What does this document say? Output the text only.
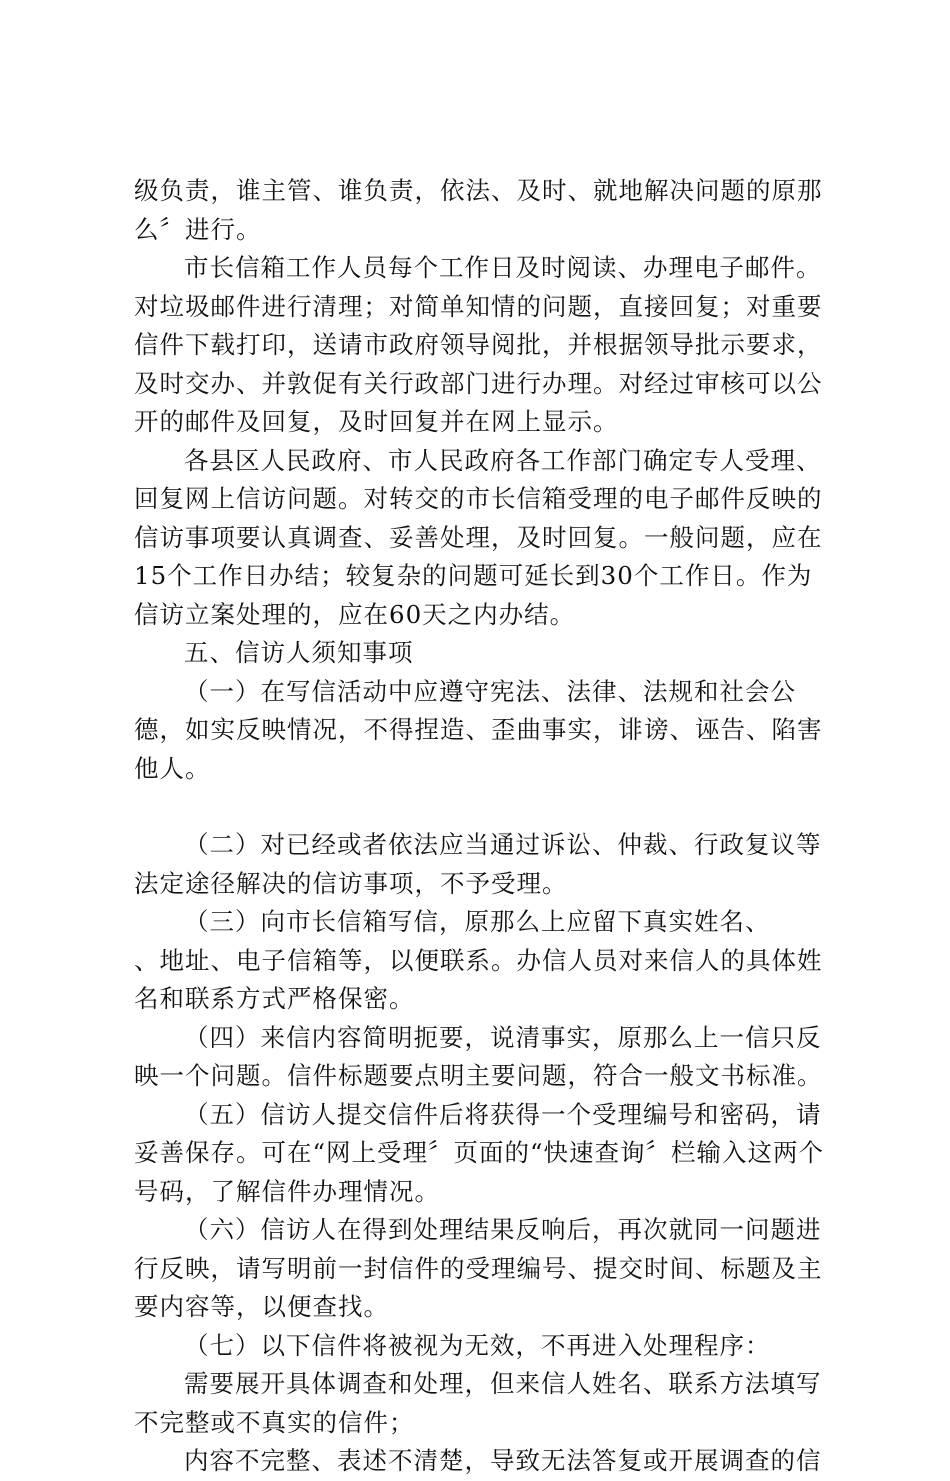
级负责，谁主管、谁负责，依法、及时、就地解决问题的原那么〞进行。

市长信箱工作人员每个工作日及时阅读、办理电子邮件。对垃圾邮件进行清理；对简单知情的问题，直接回复；对重要信件下载打印，送请市政府领导阅批，并根据领导批示要求，及时交办、并敦促有关行政部门进行办理。对经过审核可以公开的邮件及回复，及时回复并在网上显示。

各县区人民政府、市人民政府各工作部门确定专人受理、回复网上信访问题。对转交的市长信箱受理的电子邮件反映的信访事项要认真调查、妥善处理，及时回复。一般问题，应在15个工作日办结；较复杂的问题可延长到30个工作日。作为信访立案处理的，应在60天之内办结。

五、信访人须知事项

（一）在写信活动中应遵守宪法、法律、法规和社会公德，如实反映情况，不得捏造、歪曲事实，诽谤、诬告、陷害他人。

（二）对已经或者依法应当通过诉讼、仲裁、行政复议等法定途径解决的信访事项，不予受理。

（三）向市长信箱写信，原那么上应留下真实姓名、　　、地址、电子信箱等，以便联系。办信人员对来信人的具体姓名和联系方式严格保密。

（四）来信内容简明扼要，说清事实，原那么上一信只反映一个问题。信件标题要点明主要问题，符合一般文书标准。

（五）信访人提交信件后将获得一个受理编号和密码，请妥善保存。可在“网上受理〞页面的“快速查询〞栏输入这两个号码，了解信件办理情况。

（六）信访人在得到处理结果反响后，再次就同一问题进行反映，请写明前一封信件的受理编号、提交时间、标题及主要内容等，以便查找。

（七）以下信件将被视为无效，不再进入处理程序：

需要展开具体调查和处理，但来信人姓名、联系方法填写不完整或不真实的信件；

内容不完整、表述不清楚，导致无法答复或开展调查的信
